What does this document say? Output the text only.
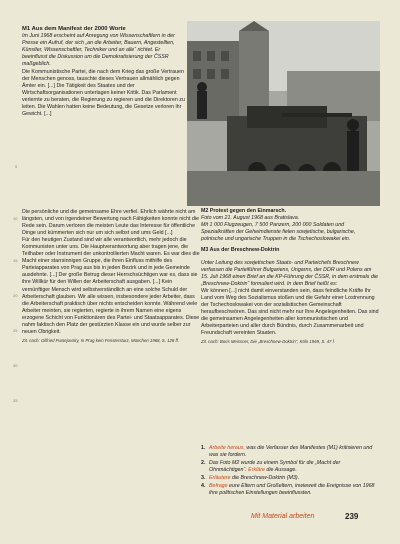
M1 Aus dem Manifest der 2000 Worte

Im Juni 1968 erscheint auf Anregung von Wissenschaftlern in der Presse ein Aufruf, der sich „an die Arbeiter, Bauern, Angestellten, Künstler, Wissenschaftler, Techniker und an alle“ richtet. Er beeinflusst die Diskussion um die Demokratisierung der ČSSR maßgeblich.

Die Kommunistische Partei, die nach dem Krieg das große Vertrauen der Menschen genoss, tauschte dieses Vertrauen allmählich gegen Ämter ein. [...] Die Tätigkeit des Staates und der Wirtschaftsorganisationen unterlagen keiner Kritik. Das Parlament verlernte zu beraten, die Regierung zu regieren und die Direktoren zu leiten. Die Wahlen hatten keine Bedeutung, die Gesetze verloren ihr Gewicht. [...]

Die persönliche und die gemeinsame Ehre verfiel. Ehrlich währte nicht am längsten, und von irgendeiner Bewertung nach Fähigkeiten konnte nicht die Rede sein. Darum verloren die meisten Leute das Interesse für öffentliche Dinge und kümmerten sich nur um sich selbst und ums Geld [...]

Für den heutigen Zustand sind wir alle verantwortlich, mehr jedoch die Kommunisten unter uns. Die Hauptverantwortung aber tragen jene, die Teilhaber oder Instrument der unkontrollierten Macht waren. Es war dies die Macht einer starrsinnigen Gruppe, die ihren Einfluss mithilfe des Parteiapparates von Prag aus bis in jeden Bezirk und in jede Gemeinde ausdehnte. [...] Der große Betrug dieser Herrschsüchtigen war es, dass sie ihre Willkür für den Willen der Arbeiterschaft ausgaben. [...] Kein vernünftiger Mensch wird selbstverständlich an eine solche Schuld der Arbeiterschaft glauben. Wir alle wissen, insbesondere jeder Arbeiter, dass die Arbeiterschaft praktisch über nichts entscheiden konnte. Während viele Arbeiter meinten, sie regierten, regierte in ihrem Namen eine eigens erzogene Schicht von Funktionären des Partei- und Staatsapparates. Diese nahm faktisch den Platz der gestürzten Klasse ein und wurde selber zur neuen Obrigkeit.

Zit. nach: Gilfried Pustejovsky, In Prag kein Fenstersturz, München 1968, S. 128 ff.

M2 Protest gegen den Einmarsch.

Foto vom 21. August 1968 aus Bratislava.

Mit 1 000 Flugzeugen, 7 500 Panzern, 200 000 Soldaten und Spezialkräften der Geheimdienste fielen sowjetische, bulgarische, polnische und ungarische Truppen in die Tschechoslowakei ein.

M3 Aus der Breschnew-Doktrin

Unter Leitung des sowjetischen Staats- und Parteichefs Breschnew verfassen die Parteiführer Bulgariens, Ungarns, der DDR und Polens am 15. Juli 1968 einen Brief an die KP-Führung der ČSSR, in dem erstmals die „Breschnew-Doktrin“ formuliert wird. In dem Brief heißt es:

Wir können [...] nicht damit einverstanden sein, dass feindliche Kräfte Ihr Land vom Weg des Sozialismus stoßen und die Gefahr einer Lostrennung der Tschechoslowakei von der sozialistischen Gemeinschaft heraufbeschwören. Das sind nicht mehr nur Ihre Angelegenheiten. Das sind die gemeinsamen Angelegenheiten aller kommunistischen und Arbeiterparteien und aller durch Bündnis, durch Zusammenarbeit und Freundschaft vereinten Staaten.

Zit. nach: Boris Meissner, Die „Breschnew-Doktrin“, Köln 1969, S. 47 f.

1. Arbeite heraus, was die Verfasser des Manifestes (M1) kritisieren und was sie fordern.
2. Das Foto M2 wurde zu einem Symbol für die „Macht der Ohnmächtigen“. Erkläre die Aussage.
3. Erläutere die Breschnew-Doktrin (M3).
4. Befrage eure Eltern und Großeltern, inwieweit die Ereignisse von 1968 ihre politischen Einstellungen beeinflussten.
Mit Material arbeiten	239
5
10
15
20
25
30
35
